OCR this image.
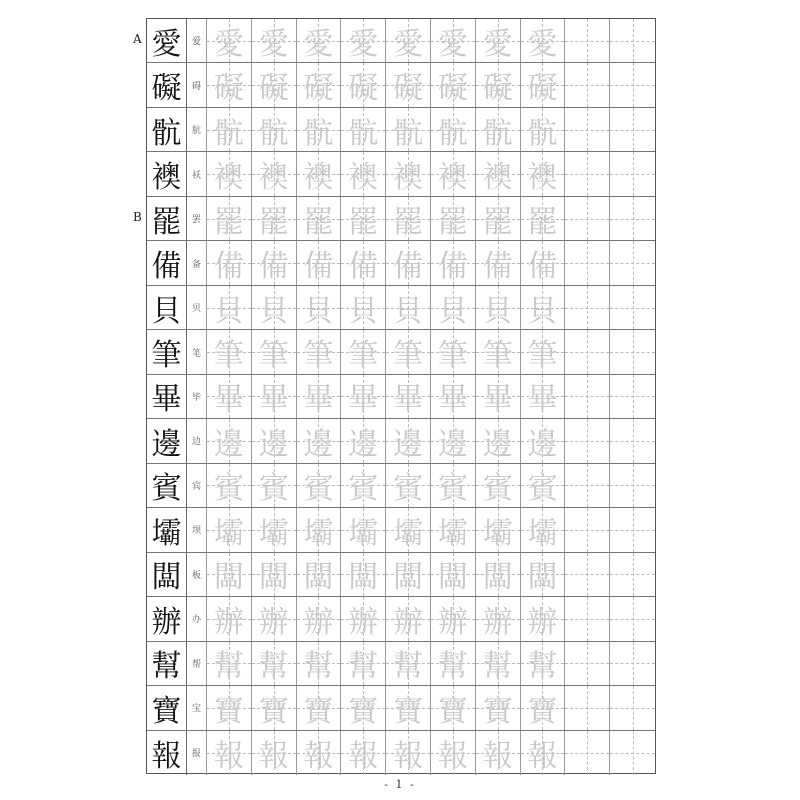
愛	爱 愛 愛 愛 愛 愛 愛 愛 愛
礙	碍 礙 礙 礙 礙 礙 礙 礙 礙
骯	肮 骯 骯 骯 骯 骯 骯 骯 骯
襖	袄 襖 襖 襖 襖 襖 襖 襖 襖
罷	罢 罷 罷 罷 罷 罷 罷 罷 罷
備	备 備 備 備 備 備 備 備 備
貝	贝 貝 貝 貝 貝 貝 貝 貝 貝
筆	笔 筆 筆 筆 筆 筆 筆 筆 筆
畢	毕 畢 畢 畢 畢 畢 畢 畢 畢
邊	边 邊 邊 邊 邊 邊 邊 邊 邊
賓	宾 賓 賓 賓 賓 賓 賓 賓 賓
壩	坝 壩 壩 壩 壩 壩 壩 壩 壩
闆	板 闆 闆 闆 闆 闆 闆 闆 闆
辦	办 辦 辦 辦 辦 辦 辦 辦 辦
幫	帮 幫 幫 幫 幫 幫 幫 幫 幫
寶	宝 寶 寶 寶 寶 寶 寶 寶 寶
報	报 報 報 報 報 報 報 報 報
- 1 -
A
B
